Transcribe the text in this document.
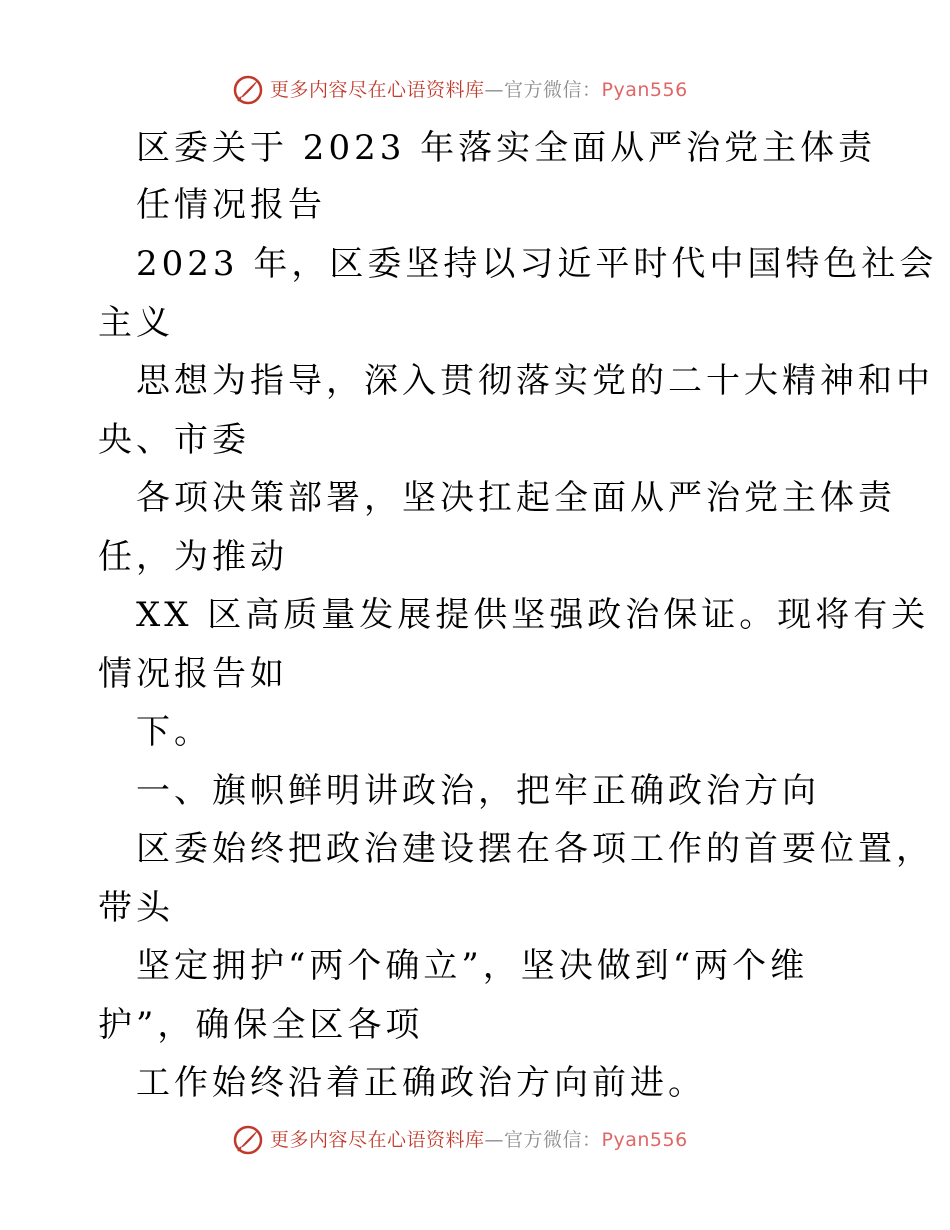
更多内容尽在心语资料库—官方微信：Pyan556
区委关于 2023 年落实全面从严治党主体责
任情况报告
2023 年，区委坚持以习近平时代中国特色社会
主义
思想为指导，深入贯彻落实党的二十大精神和中
央、市委
各项决策部署，坚决扛起全面从严治党主体责
任，为推动
XX 区高质量发展提供坚强政治保证。现将有关
情况报告如
下。
一、旗帜鲜明讲政治，把牢正确政治方向
区委始终把政治建设摆在各项工作的首要位置，
带头
坚定拥护“两个确立”，坚决做到“两个维
护”，确保全区各项
工作始终沿着正确政治方向前进。
更多内容尽在心语资料库—官方微信：Pyan556
